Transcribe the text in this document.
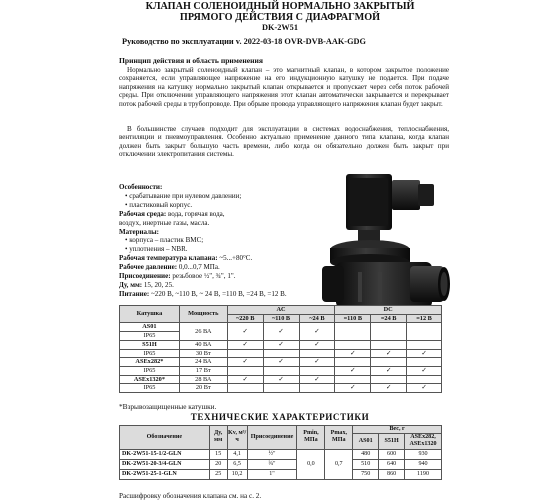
КЛАПАН СОЛЕНОИДНЫЙ НОРМАЛЬНО ЗАКРЫТЫЙ
ПРЯМОГО ДЕЙСТВИЯ С ДИАФРАГМОЙ
DK-2W51
Руководство по эксплуатации v. 2022-03-18 OVR-DVB-AAK-GDG
Принцип действия и область применения
Нормально закрытый соленоидный клапан – это магнитный клапан, в котором закрытое положение сохраняется, если управляющее напряжение на его индукционную катушку не подается. При подаче напряжения на катушку нормально закрытый клапан открывается и пропускает через себя поток рабочей среды. При отключении управляющего напряжения этот клапан автоматически закрывается и перекрывает поток рабочей среды в трубопроводе. При обрыве провода управляющего напряжения клапан будет закрыт.
В большинстве случаев подходит для эксплуатации в системах водоснабжения, теплоснабжения, вентиляции и пневмоуправления. Особенно актуально применение данного типа клапана, когда клапан должен быть закрыт большую часть времени, либо когда он обязательно должен быть закрыт при отключении электропитания системы.
Особенности:
• срабатывание при нулевом давлении;
• пластиковый корпус.
Рабочая среда: вода, горячая вода,
воздух, инертные газы, масла.
Материалы:
• корпуса – пластик BMC;
• уплотнения – NBR.
Рабочая температура клапана: ~5...+80°C.
Рабочее давление: 0,0...0,7 МПа.
Присоединение: резьбовое ½", ¾", 1".
Ду, мм: 15, 20, 25.
Питание: ~220 В, ~110 В, ~ 24 В, =110 В, =24 В, =12 В.
Катушка	Мощность	AC			DC		
		~220 В	~110 В	~24 В	=110 В	=24 В	=12 В
AS01	26 ВА	✓	✓	✓			
IP65							
S51H	40 ВА	✓	✓	✓			
IP65	30 Вт				✓	✓	✓
ASEx282*	24 ВА	✓	✓	✓			
IP65	17 Вт				✓	✓	✓
ASEx1320*	28 ВА	✓	✓	✓			
IP65	20 Вт				✓	✓	✓
*Взрывозащищенные катушки.
ТЕХНИЧЕСКИЕ ХАРАКТЕРИСТИКИ
Обозначение	Ду, мм	Kv, м³/ч	Присоединение	Pmin, МПа	Pmax, МПа	Вес, г		
						AS01	S51H	ASEx282, ASEx1320
DK-2W51-15-1/2-GLN	15	4,1	½"	0,0	0,7	480	600	930
DK-2W51-20-3/4-GLN	20	6,5	¾"			510	640	940
DK-2W51-25-1-GLN	25	10,2	1"			750	860	1190
Расшифровку обозначения клапана см. на с. 2.
